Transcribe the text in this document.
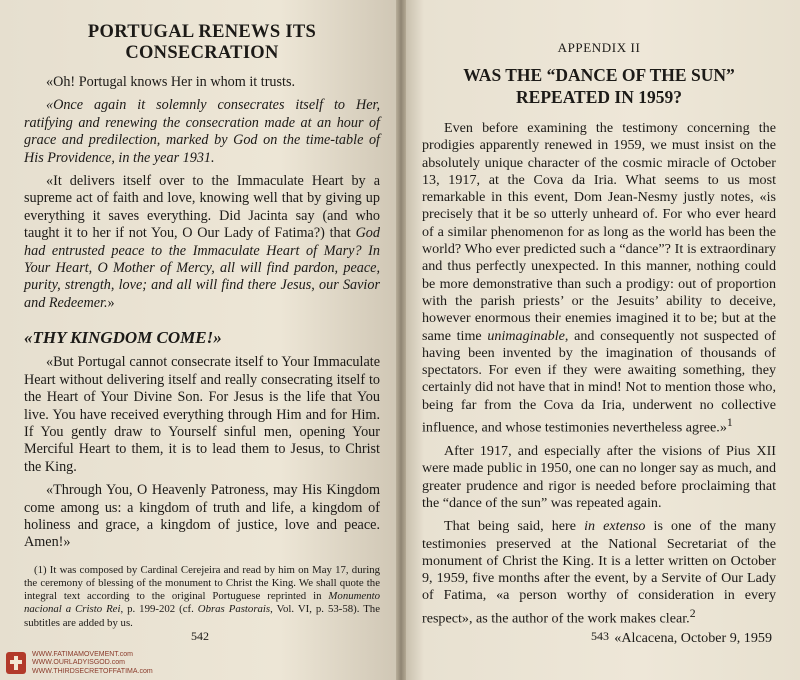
PORTUGAL RENEWS ITS CONSECRATION

«Oh! Portugal knows Her in whom it trusts.

«Once again it solemnly consecrates itself to Her, ratifying and renewing the consecration made at an hour of grace and predilection, marked by God on the time-table of His Providence, in the year 1931.

«It delivers itself over to the Immaculate Heart by a supreme act of faith and love, knowing well that by giving up everything it saves everything. Did Jacinta say (and who taught it to her if not You, O Our Lady of Fatima?) that God had entrusted peace to the Immaculate Heart of Mary? In Your Heart, O Mother of Mercy, all will find pardon, peace, purity, strength, love; and all will find there Jesus, our Savior and Redeemer.»

«THY KINGDOM COME!»

«But Portugal cannot consecrate itself to Your Immaculate Heart without delivering itself and really consecrating itself to the Heart of Your Divine Son. For Jesus is the life that You live. You have received everything through Him and for Him. If You gently draw to Yourself sinful men, opening Your Merciful Heart to them, it is to lead them to Jesus, to Christ the King.

«Through You, O Heavenly Patroness, may His Kingdom come among us: a kingdom of truth and life, a kingdom of holiness and grace, a kingdom of justice, love and peace. Amen!»

(1) It was composed by Cardinal Cerejeira and read by him on May 17, during the ceremony of blessing of the monument to Christ the King. We shall quote the integral text according to the original Portuguese reprinted in Monumento nacional a Cristo Rei, p. 199-202 (cf. Obras Pastorais, Vol. VI, p. 53-58). The subtitles are added by us.

542
WWW.FATIMAMOVEMENT.com
WWW.OURLADYISGOD.com
WWW.THIRDSECRETOFFATIMA.com
APPENDIX II
WAS THE “DANCE OF THE SUN”
REPEATED IN 1959?

Even before examining the testimony concerning the prodigies apparently renewed in 1959, we must insist on the absolutely unique character of the cosmic miracle of October 13, 1917, at the Cova da Iria. What seems to us most remarkable in this event, Dom Jean-Nesmy justly notes, «is precisely that it be so utterly unheard of. For who ever heard of a similar phenomenon for as long as the world has been the world? Who ever predicted such a “dance”? It is extraordinary and thus perfectly unexpected. In this manner, nothing could be more demonstrative than such a prodigy: out of proportion with the parish priests’ or the Jesuits’ ability to deceive, however enormous their enemies imagined it to be; but at the same time unimaginable, and consequently not suspected of having been invented by the imagination of thousands of spectators. For even if they were awaiting something, they certainly did not have that in mind! Not to mention those who, being far from the Cova da Iria, underwent no collective influence, and whose testimonies nevertheless agree.»$^1$

After 1917, and especially after the visions of Pius XII were made public in 1950, one can no longer say as much, and greater prudence and rigor is needed before proclaiming that the “dance of the sun” was repeated again.

That being said, here in extenso is one of the many testimonies preserved at the National Secretariat of the monument of Christ the King. It is a letter written on October 9, 1959, five months after the event, by a Servite of Our Lady of Fatima, «a person worthy of consideration in every respect», as the author of the work makes clear.$^2$

«Alcacena, October 9, 1959
543
